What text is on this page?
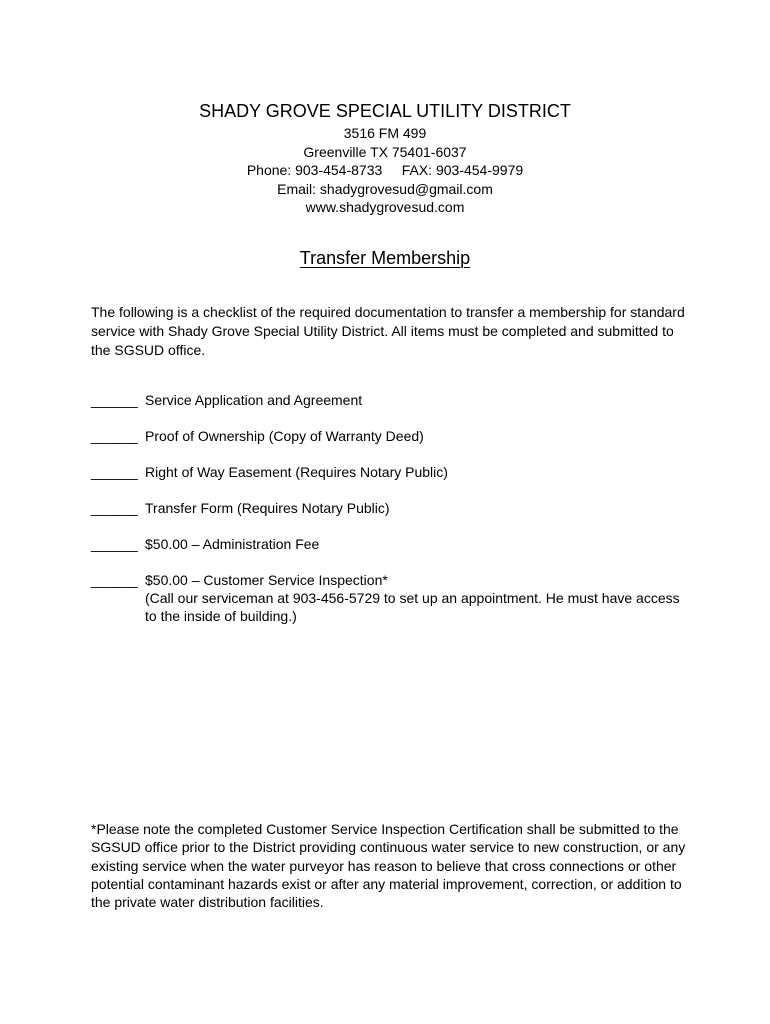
SHADY GROVE SPECIAL UTILITY DISTRICT
3516 FM 499
Greenville TX 75401-6037
Phone: 903-454-8733     FAX: 903-454-9979
Email: shadygrovesud@gmail.com
www.shadygrovesud.com
Transfer Membership
The following is a checklist of the required documentation to transfer a membership for standard service with Shady Grove Special Utility District. All items must be completed and submitted to the SGSUD office.
______ Service Application and Agreement
______ Proof of Ownership (Copy of Warranty Deed)
______ Right of Way Easement (Requires Notary Public)
______ Transfer Form (Requires Notary Public)
______ $50.00 – Administration Fee
______ $50.00 – Customer Service Inspection*
(Call our serviceman at 903-456-5729 to set up an appointment. He must have access to the inside of building.)
*Please note the completed Customer Service Inspection Certification shall be submitted to the SGSUD office prior to the District providing continuous water service to new construction, or any existing service when the water purveyor has reason to believe that cross connections or other potential contaminant hazards exist or after any material improvement, correction, or addition to the private water distribution facilities.
